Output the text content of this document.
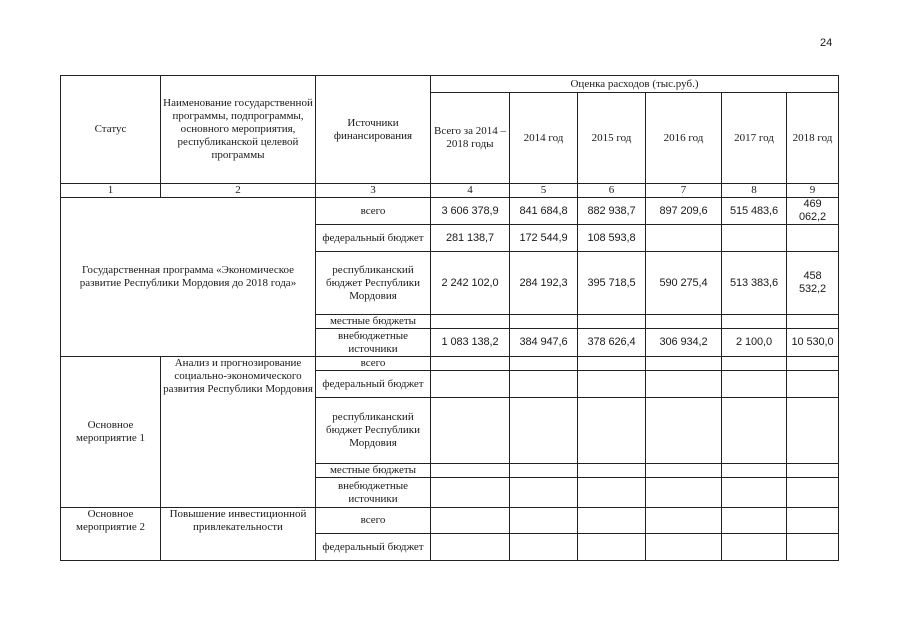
24
Статус	Наименование государственной программы, подпрограммы, основного мероприятия, республиканской целевой программы	Источники финансирования	Оценка расходов (тыс.руб.)					
			Всего за 2014 – 2018 годы	2014 год	2015 год	2016 год	2017 год	2018 год
1	2	3	4	5	6	7	8	9
Государственная программа «Экономическое развитие Республики Мордовия до 2018 года»		всего	3 606 378,9	841 684,8	882 938,7	897 209,6	515 483,6	469 062,2
		федеральный бюджет	281 138,7	172 544,9	108 593,8			
		республиканский бюджет Республики Мордовия	2 242 102,0	284 192,3	395 718,5	590 275,4	513 383,6	458 532,2
		местные бюджеты						
		внебюджетные источники	1 083 138,2	384 947,6	378 626,4	306 934,2	2 100,0	10 530,0
Основное мероприятие 1	Анализ и прогнозирование социально-экономического развития Республики Мордовия	всего						
		федеральный бюджет						
		республиканский бюджет Республики Мордовия						
		местные бюджеты						
		внебюджетные источники						
Основное мероприятие 2	Повышение инвестиционной привлекательности	всего						
		федеральный бюджет						
